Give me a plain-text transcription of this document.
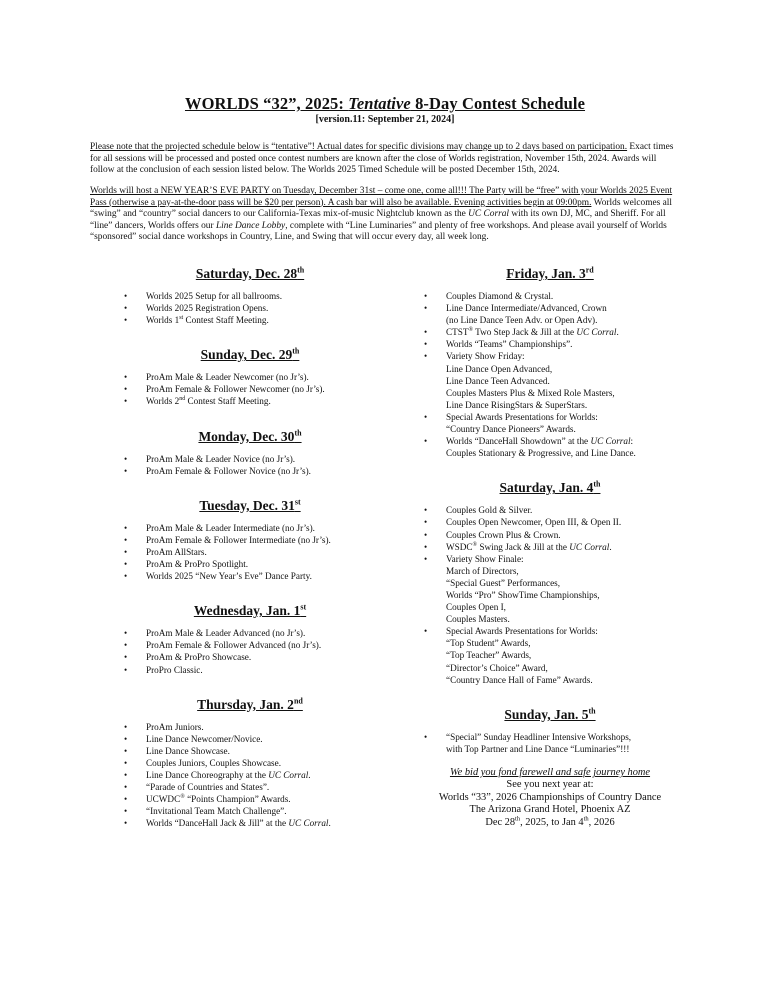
WORLDS “32”, 2025: Tentative 8-Day Contest Schedule
[version.11: September 21, 2024]

Please note that the projected schedule below is “tentative”! Actual dates for specific divisions may change up to 2 days based on participation. Exact times for all sessions will be processed and posted once contest numbers are known after the close of Worlds registration, November 15th, 2024. Awards will follow at the conclusion of each session listed below. The Worlds 2025 Timed Schedule will be posted December 15th, 2024.

Worlds will host a NEW YEAR’S EVE PARTY on Tuesday, December 31st – come one, come all!!! The Party will be “free” with your Worlds 2025 Event Pass (otherwise a pay-at-the-door pass will be $20 per person). A cash bar will also be available. Evening activities begin at 09:00pm. Worlds welcomes all “swing” and “country” social dancers to our California-Texas mix-of-music Nightclub known as the UC Corral with its own DJ, MC, and Sheriff. For all “line” dancers, Worlds offers our Line Dance Lobby, complete with “Line Luminaries” and plenty of free workshops. And please avail yourself of Worlds “sponsored” social dance workshops in Country, Line, and Swing that will occur every day, all week long.

Saturday, Dec. 28th
• Worlds 2025 Setup for all ballrooms.
• Worlds 2025 Registration Opens.
• Worlds 1st Contest Staff Meeting.
Sunday, Dec. 29th
• ProAm Male & Leader Newcomer (no Jr’s).
• ProAm Female & Follower Newcomer (no Jr’s).
• Worlds 2nd Contest Staff Meeting.
Monday, Dec. 30th
• ProAm Male & Leader Novice (no Jr’s).
• ProAm Female & Follower Novice (no Jr’s).
Tuesday, Dec. 31st
• ProAm Male & Leader Intermediate (no Jr’s).
• ProAm Female & Follower Intermediate (no Jr’s).
• ProAm AllStars.
• ProAm & ProPro Spotlight.
• Worlds 2025 “New Year’s Eve” Dance Party.
Wednesday, Jan. 1st
• ProAm Male & Leader Advanced (no Jr’s).
• ProAm Female & Follower Advanced (no Jr’s).
• ProAm & ProPro Showcase.
• ProPro Classic.
Thursday, Jan. 2nd
• ProAm Juniors.
• Line Dance Newcomer/Novice.
• Line Dance Showcase.
• Couples Juniors, Couples Showcase.
• Line Dance Choreography at the UC Corral.
• “Parade of Countries and States”.
• UCWDC® “Points Champion” Awards.
• “Invitational Team Match Challenge”.
• Worlds “DanceHall Jack & Jill” at the UC Corral.
Friday, Jan. 3rd
• Couples Diamond & Crystal.
• Line Dance Intermediate/Advanced, Crown
(no Line Dance Teen Adv. or Open Adv).
• CTST® Two Step Jack & Jill at the UC Corral.
• Worlds “Teams” Championships”.
• Variety Show Friday:
Line Dance Open Advanced,
Line Dance Teen Advanced.
Couples Masters Plus & Mixed Role Masters,
Line Dance RisingStars & SuperStars.
• Special Awards Presentations for Worlds:
“Country Dance Pioneers” Awards.
• Worlds “DanceHall Showdown” at the UC Corral:
Couples Stationary & Progressive, and Line Dance.
Saturday, Jan. 4th
• Couples Gold & Silver.
• Couples Open Newcomer, Open III, & Open II.
• Couples Crown Plus & Crown.
• WSDC® Swing Jack & Jill at the UC Corral.
• Variety Show Finale:
March of Directors,
“Special Guest” Performances,
Worlds “Pro” ShowTime Championships,
Couples Open I,
Couples Masters.
• Special Awards Presentations for Worlds:
“Top Student” Awards,
“Top Teacher” Awards,
“Director’s Choice” Award,
“Country Dance Hall of Fame” Awards.
Sunday, Jan. 5th
• “Special” Sunday Headliner Intensive Workshops,
with Top Partner and Line Dance “Luminaries”!!!
We bid you fond farewell and safe journey home
See you next year at:
Worlds “33”, 2026 Championships of Country Dance
The Arizona Grand Hotel, Phoenix AZ
Dec 28th, 2025, to Jan 4th, 2026
